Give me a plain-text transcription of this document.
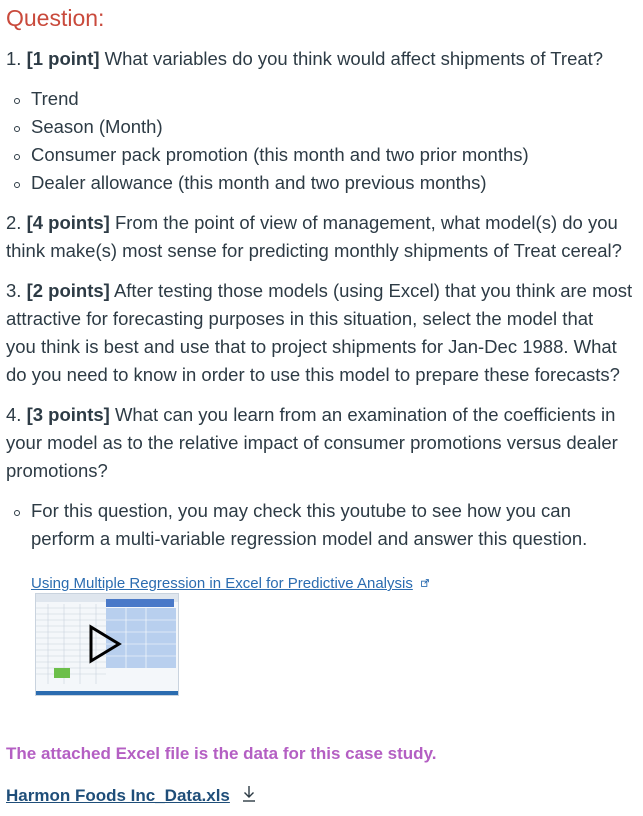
Question:

1. [1 point] What variables do you think would affect shipments of Treat?

Trend
Season (Month)
Consumer pack promotion (this month and two prior months)
Dealer allowance (this month and two previous months)
2. [4 points] From the point of view of management, what model(s) do you
think make(s) most sense for predicting monthly shipments of Treat cereal?
3. [2 points] After testing those models (using Excel) that you think are most
attractive for forecasting purposes in this situation, select the model that
you think is best and use that to project shipments for Jan-Dec 1988. What
do you need to know in order to use this model to prepare these forecasts?
4. [3 points] What can you learn from an examination of the coefficients in
your model as to the relative impact of consumer promotions versus dealer
promotions?
For this question, you may check this youtube to see how you can
perform a multi-variable regression model and answer this question.
Using Multiple Regression in Excel for Predictive Analysis
The attached Excel file is the data for this case study.
Harmon Foods Inc_Data.xls
